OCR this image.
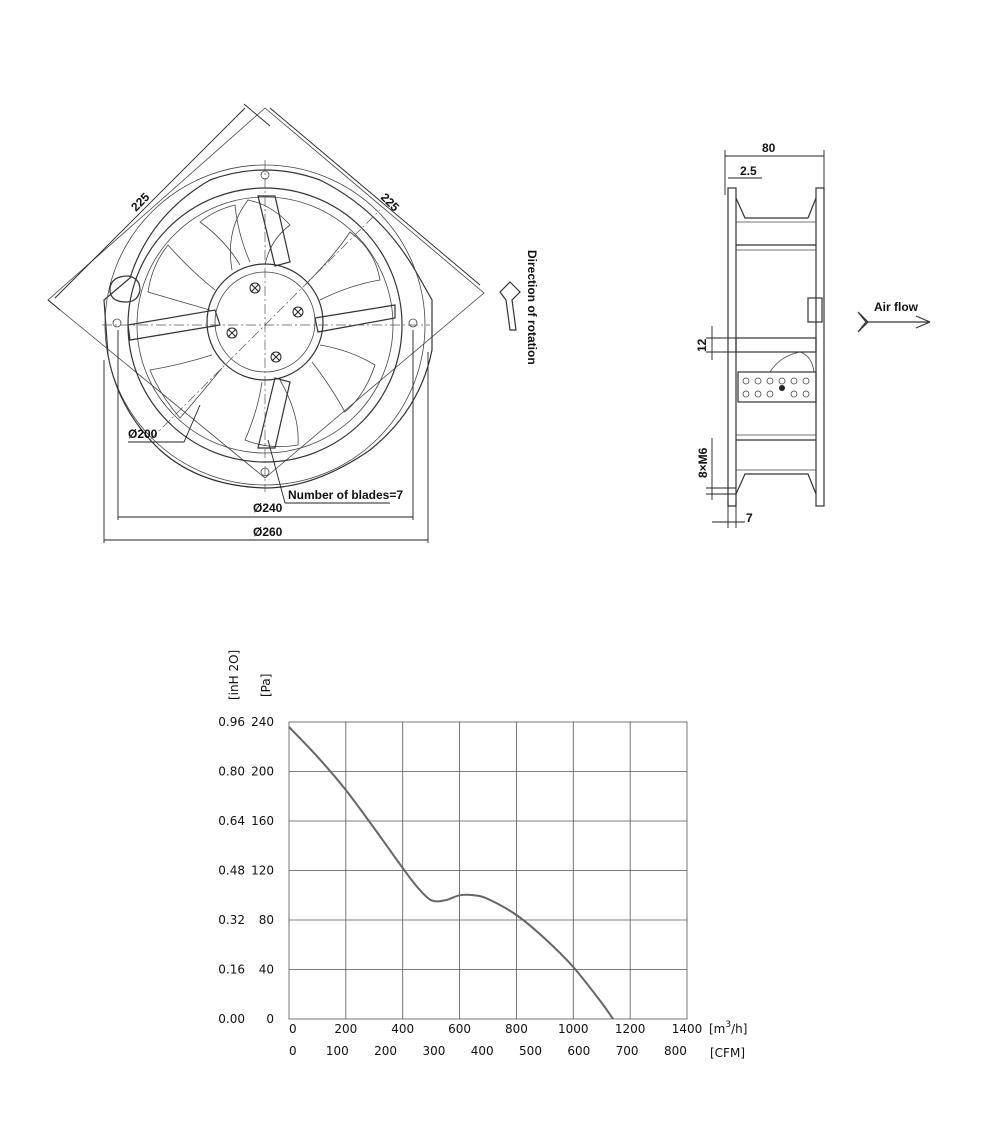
225	225
Ø200
Ø240
Ø260
Number of blades=7
Direction of rotation
80
2.5
12
8×M6
7
Air flow
0
40
80
120
160
200
240
0.00
0.16
0.32
0.48
0.64
0.80
0.96
0	200	400	600	800	1000 1200 1400
0 100 200 300 400 500 600 700 800
[inH 2O] [Pa]
$[m^3/h]$
[CFM]
